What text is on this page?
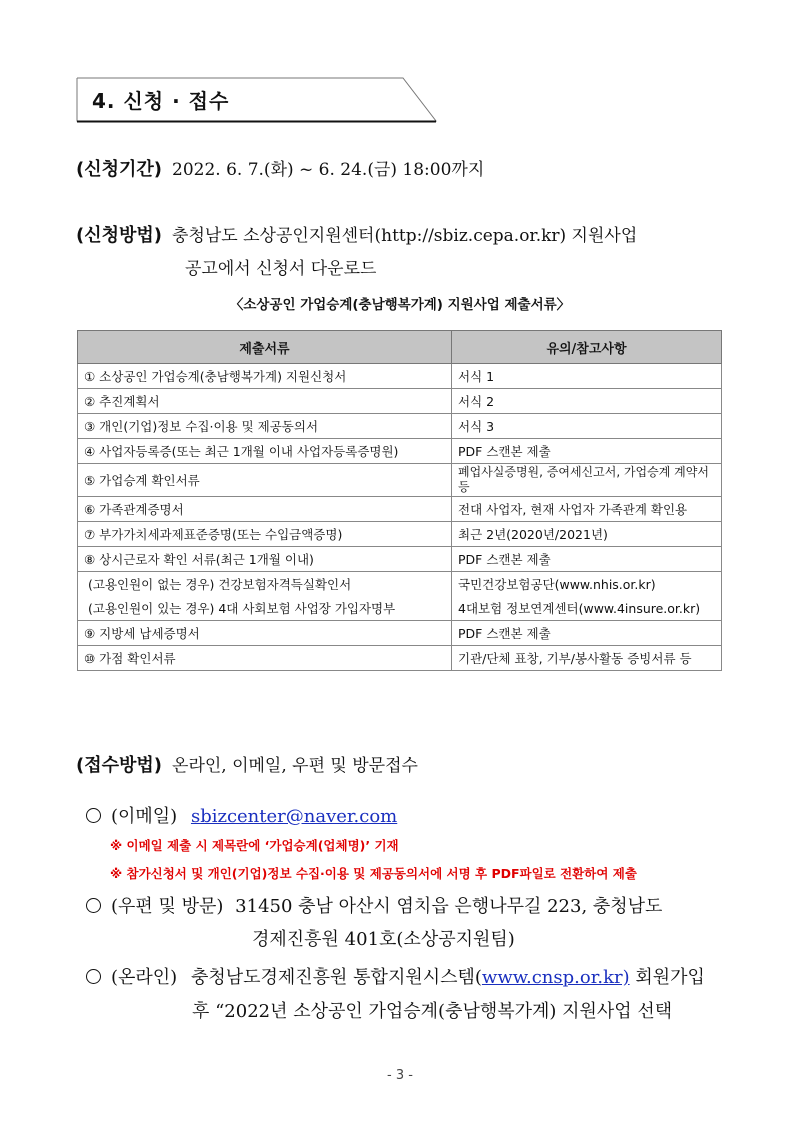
4. 신청 · 접수
(신청기간) 2022. 6. 7.(화) ~ 6. 24.(금) 18:00까지
(신청방법) 충청남도 소상공인지원센터(http://sbiz.cepa.or.kr) 지원사업
공고에서 신청서 다운로드
〈소상공인 가업승계(충남행복가계) 지원사업 제출서류〉
제출서류	유의/참고사항
① 소상공인 가업승계(충남행복가계) 지원신청서	서식 1
② 추진계획서	서식 2
③ 개인(기업)정보 수집·이용 및 제공동의서	서식 3
④ 사업자등록증(또는 최근 1개월 이내 사업자등록증명원)	PDF 스캔본 제출
⑤ 가업승계 확인서류	폐업사실증명원, 증여세신고서, 가업승계 계약서 등
⑥ 가족관계증명서	전대 사업자, 현재 사업자 가족관계 확인용
⑦ 부가가치세과제표준증명(또는 수입금액증명)	최근 2년(2020년/2021년)
⑧ 상시근로자 확인 서류(최근 1개월 이내)	PDF 스캔본 제출
(고용인원이 없는 경우) 건강보험자격득실확인서	국민건강보험공단(www.nhis.or.kr)
(고용인원이 있는 경우) 4대 사회보험 사업장 가입자명부	4대보험 정보연계센터(www.4insure.or.kr)
⑨ 지방세 납세증명서	PDF 스캔본 제출
⑩ 가점 확인서류	기관/단체 표창, 기부/봉사활동 증빙서류 등
(접수방법) 온라인, 이메일, 우편 및 방문접수
(이메일) sbizcenter@naver.com
※ 이메일 제출 시 제목란에 ‘가업승계(업체명)’ 기재
※ 참가신청서 및 개인(기업)정보 수집·이용 및 제공동의서에 서명 후 PDF파일로 전환하여 제출
(우편 및 방문) 31450 충남 아산시 염치읍 은행나무길 223, 충청남도
경제진흥원 401호(소상공지원팀)
(온라인) 충청남도경제진흥원 통합지원시스템(www.cnsp.or.kr) 회원가입
후 “2022년 소상공인 가업승계(충남행복가계) 지원사업 선택
- 3 -
